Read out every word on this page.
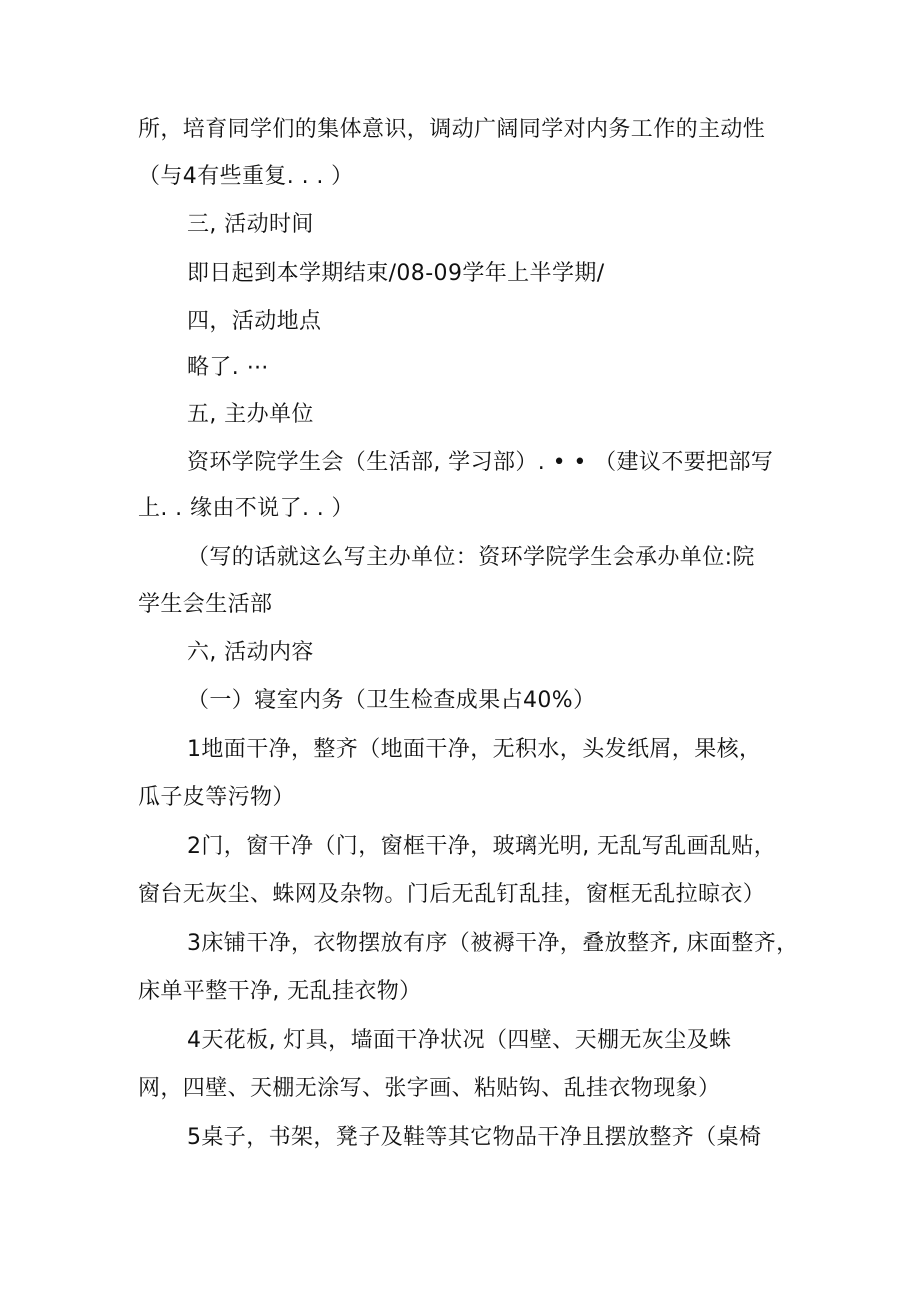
所，培育同学们的集体意识，调动广阔同学对内务工作的主动性
（与4有些重复. . . ）
三, 活动时间
即日起到本学期结束/08-09学年上半学期/
四，活动地点
略了. ⋯
五, 主办单位
资环学院学生会（生活部, 学习部）. • • （建议不要把部写
上. . 缘由不说了. . ）
（写的话就这么写主办单位：资环学院学生会承办单位:院
学生会生活部
六, 活动内容
（一）寝室内务（卫生检查成果占40%）
1地面干净，整齐（地面干净，无积水，头发纸屑，果核，
瓜子皮等污物）
2门，窗干净（门，窗框干净，玻璃光明, 无乱写乱画乱贴，
窗台无灰尘、蛛网及杂物。门后无乱钉乱挂，窗框无乱拉晾衣）
3床铺干净，衣物摆放有序（被褥干净，叠放整齐, 床面整齐，
床单平整干净, 无乱挂衣物）
4天花板, 灯具，墙面干净状况（四壁、天棚无灰尘及蛛
网，四壁、天棚无涂写、张字画、粘贴钩、乱挂衣物现象）
5桌子，书架，凳子及鞋等其它物品干净且摆放整齐（桌椅
